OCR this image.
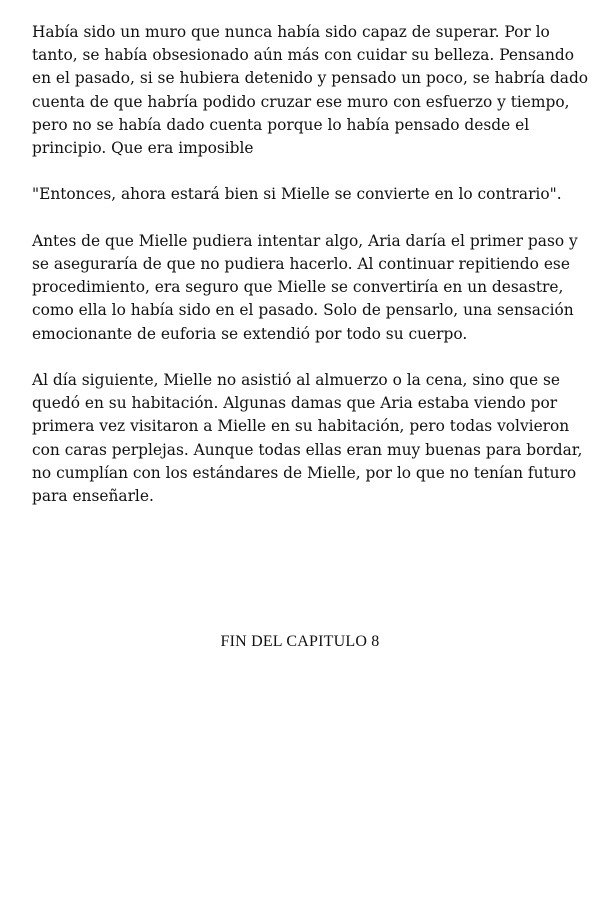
Había sido un muro que nunca había sido capaz de superar. Por lo tanto, se había obsesionado aún más con cuidar su belleza. Pensando en el pasado, si se hubiera detenido y pensado un poco, se habría dado cuenta de que habría podido cruzar ese muro con esfuerzo y tiempo, pero no se había dado cuenta porque lo había pensado desde el principio. Que era imposible

"Entonces, ahora estará bien si Mielle se convierte en lo contrario".

Antes de que Mielle pudiera intentar algo, Aria daría el primer paso y se aseguraría de que no pudiera hacerlo. Al continuar repitiendo ese procedimiento, era seguro que Mielle se convertiría en un desastre, como ella lo había sido en el pasado. Solo de pensarlo, una sensación emocionante de euforia se extendió por todo su cuerpo.

Al día siguiente, Mielle no asistió al almuerzo o la cena, sino que se quedó en su habitación. Algunas damas que Aria estaba viendo por primera vez visitaron a Mielle en su habitación, pero todas volvieron con caras perplejas. Aunque todas ellas eran muy buenas para bordar, no cumplían con los estándares de Mielle, por lo que no tenían futuro para enseñarle.

FIN DEL CAPITULO 8
